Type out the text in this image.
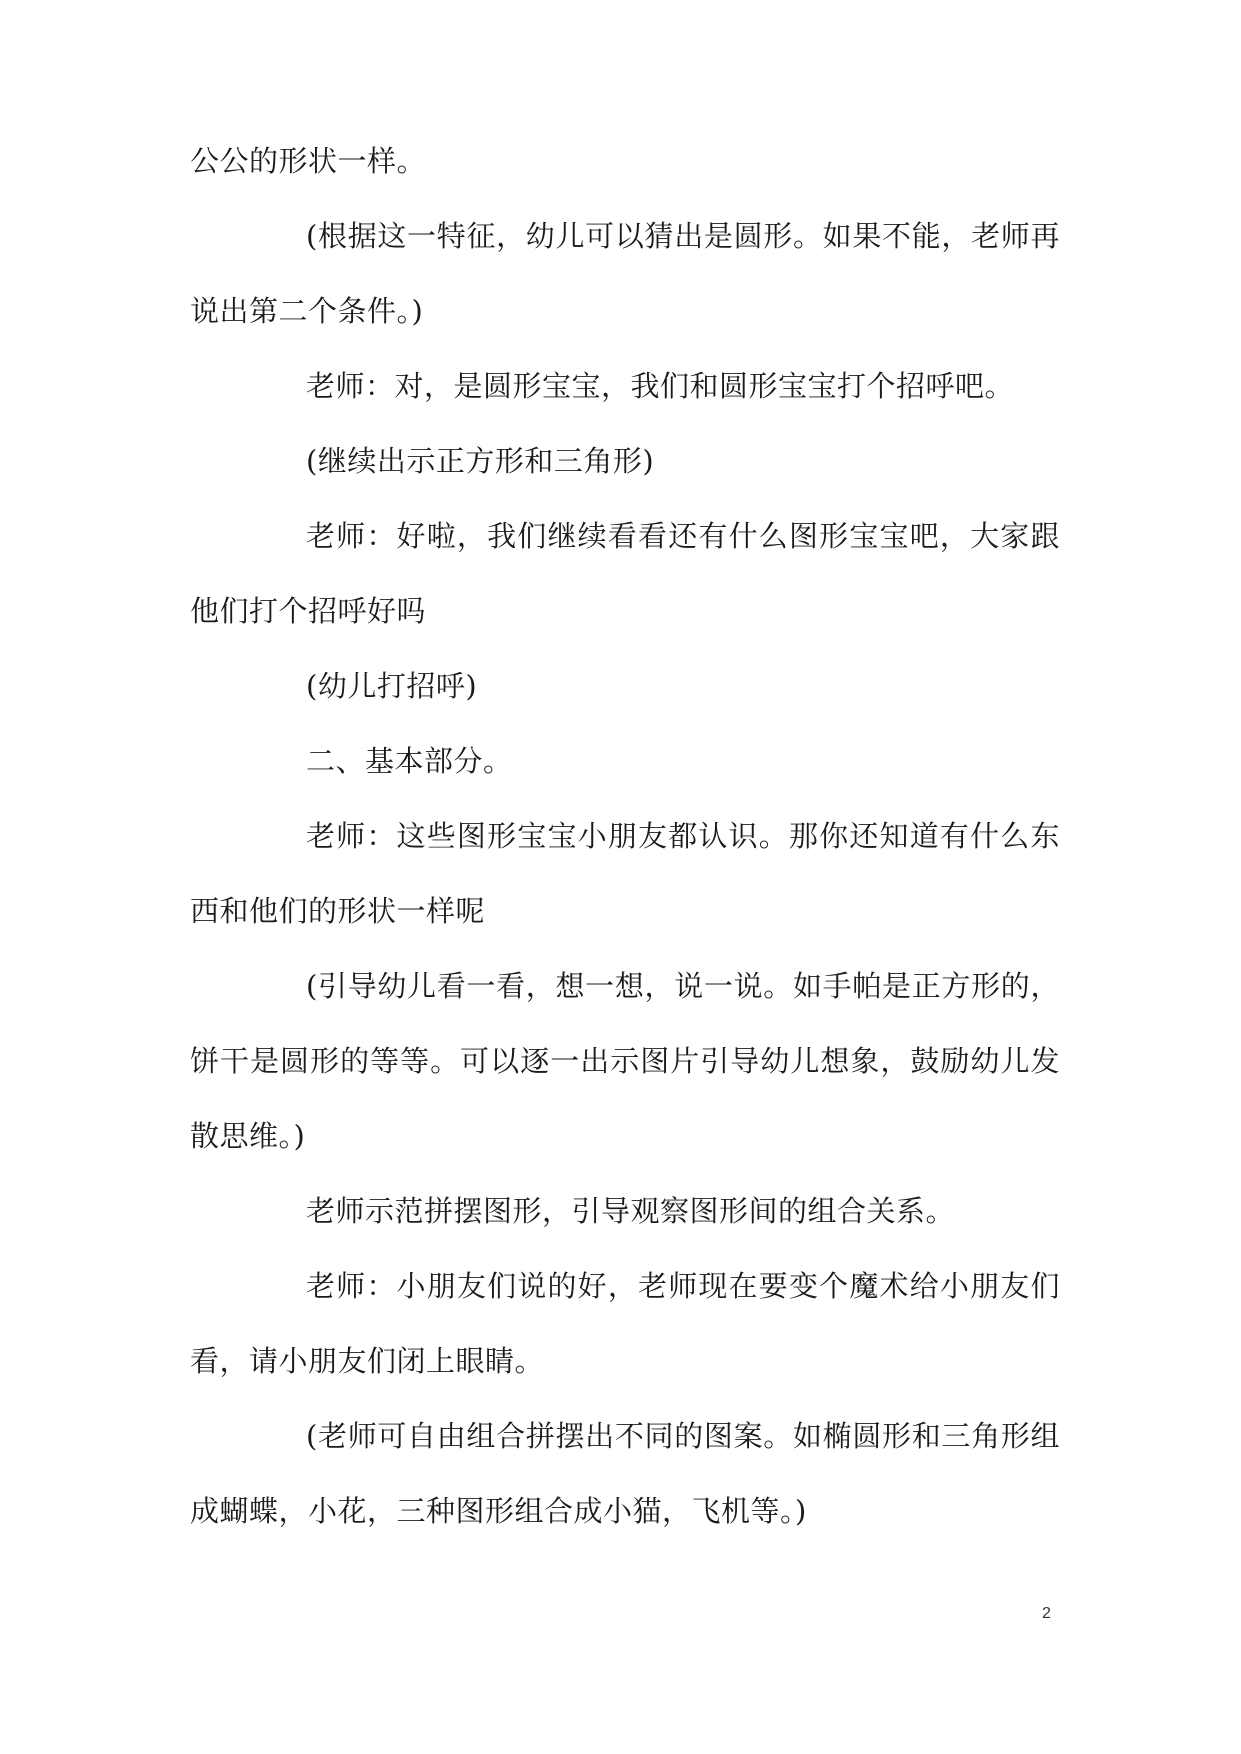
公公的形状一样。

(根据这一特征，幼儿可以猜出是圆形。如果不能，老师再说出第二个条件。)

老师：对，是圆形宝宝，我们和圆形宝宝打个招呼吧。

(继续出示正方形和三角形)

老师：好啦，我们继续看看还有什么图形宝宝吧，大家跟他们打个招呼好吗

(幼儿打招呼)

二、基本部分。

老师：这些图形宝宝小朋友都认识。那你还知道有什么东西和他们的形状一样呢

(引导幼儿看一看，想一想，说一说。如手帕是正方形的，饼干是圆形的等等。可以逐一出示图片引导幼儿想象，鼓励幼儿发散思维。)

老师示范拼摆图形，引导观察图形间的组合关系。

老师：小朋友们说的好，老师现在要变个魔术给小朋友们看，请小朋友们闭上眼睛。

(老师可自由组合拼摆出不同的图案。如椭圆形和三角形组成蝴蝶，小花，三种图形组合成小猫，飞机等。)

2
